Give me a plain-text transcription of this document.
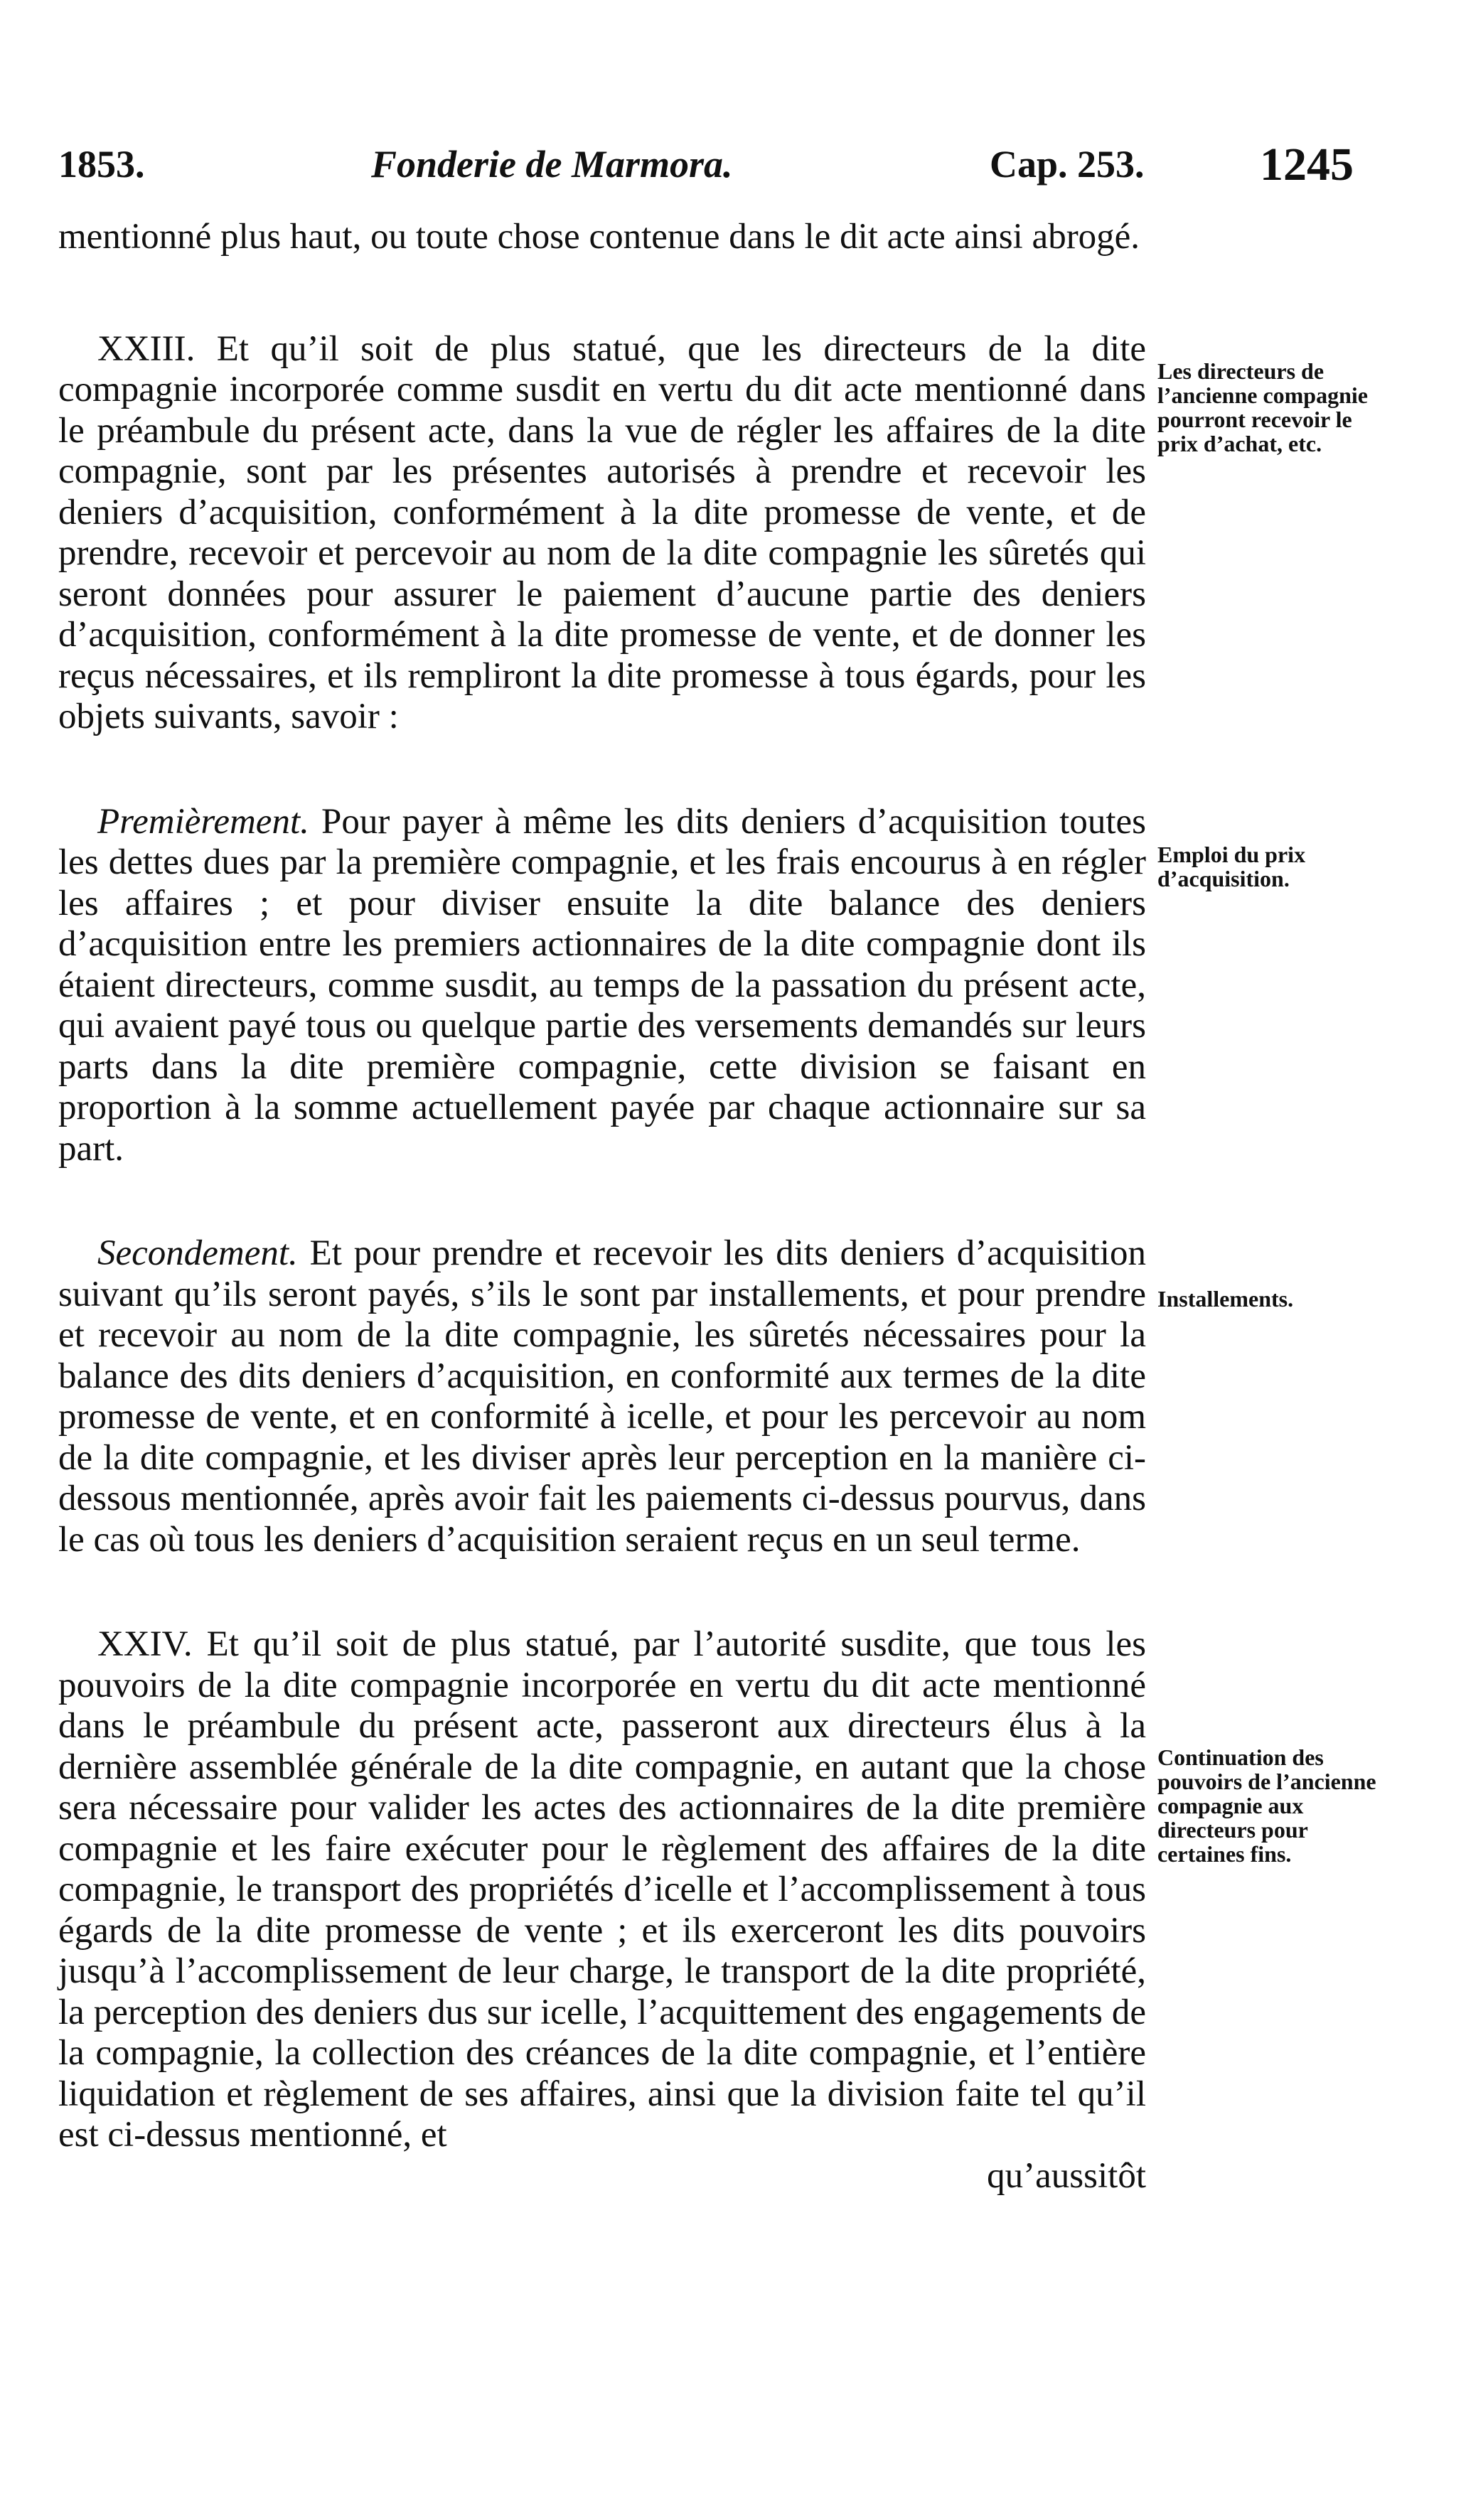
1853.	Fonderie de Marmora.	Cap. 253. 1245

mentionné plus haut, ou toute chose contenue dans le dit acte ainsi abrogé.

XXIII. Et qu’il soit de plus statué, que les directeurs de la dite compagnie incorporée comme susdit en vertu du dit acte mentionné dans le préambule du présent acte, dans la vue de régler les affaires de la dite compagnie, sont par les présentes autorisés à prendre et recevoir les deniers d’acquisition, conformément à la dite promesse de vente, et de prendre, recevoir et percevoir au nom de la dite compagnie les sûretés qui seront données pour assurer le paiement d’aucune partie des deniers d’acquisition, conformément à la dite promesse de vente, et de donner les reçus nécessaires, et ils rempliront la dite promesse à tous égards, pour les objets suivants, savoir :

Premièrement. Pour payer à même les dits deniers d’acquisition toutes les dettes dues par la première compagnie, et les frais encourus à en régler les affaires ; et pour diviser ensuite la dite balance des deniers d’acquisition entre les premiers actionnaires de la dite compagnie dont ils étaient directeurs, comme susdit, au temps de la passation du présent acte, qui avaient payé tous ou quelque partie des versements demandés sur leurs parts dans la dite première compagnie, cette division se faisant en proportion à la somme actuellement payée par chaque actionnaire sur sa part.

Secondement. Et pour prendre et recevoir les dits deniers d’acquisition suivant qu’ils seront payés, s’ils le sont par installements, et pour prendre et recevoir au nom de la dite compagnie, les sûretés nécessaires pour la balance des dits deniers d’acquisition, en conformité aux termes de la dite promesse de vente, et en conformité à icelle, et pour les percevoir au nom de la dite compagnie, et les diviser après leur perception en la manière ci-dessous mentionnée, après avoir fait les paiements ci-dessus pourvus, dans le cas où tous les deniers d’acquisition seraient reçus en un seul terme.

XXIV. Et qu’il soit de plus statué, par l’autorité susdite, que tous les pouvoirs de la dite compagnie incorporée en vertu du dit acte mentionné dans le préambule du présent acte, passeront aux directeurs élus à la dernière assemblée générale de la dite compagnie, en autant que la chose sera nécessaire pour valider les actes des actionnaires de la dite première compagnie et les faire exécuter pour le règlement des affaires de la dite compagnie, le transport des propriétés d’icelle et l’accomplissement à tous égards de la dite promesse de vente ; et ils exerceront les dits pouvoirs jusqu’à l’accomplissement de leur charge, le transport de la dite propriété, la perception des deniers dus sur icelle, l’acquittement des engagements de la compagnie, la collection des créances de la dite compagnie, et l’entière liquidation et règlement de ses affaires, ainsi que la division faite tel qu’il est ci-dessus mentionné, et

qu’aussitôt

Les directeurs de l’ancienne compagnie pourront recevoir le prix d’achat, etc.

Emploi du prix d’acquisition.

Installements.

Continuation des pouvoirs de l’ancienne compagnie aux directeurs pour certaines fins.
